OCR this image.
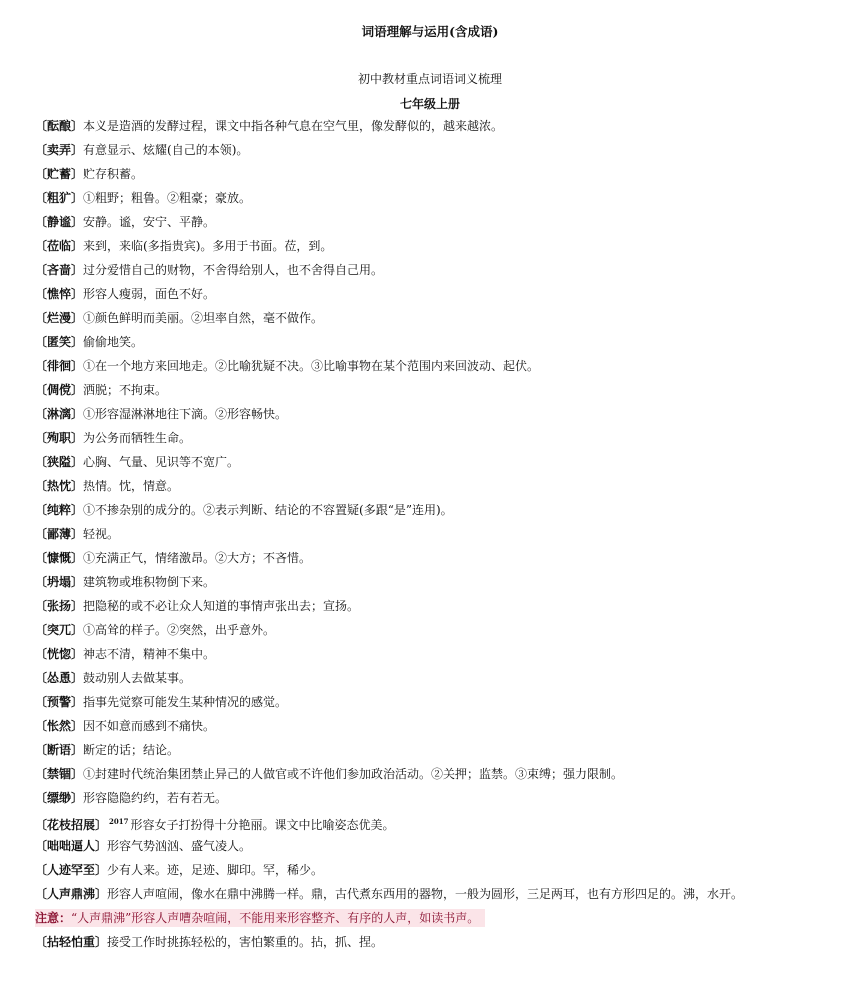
词语理解与运用(含成语)
初中教材重点词语词义梳理
七年级上册
〔酝酿〕本义是造酒的发酵过程，课文中指各种气息在空气里，像发酵似的，越来越浓。
〔卖弄〕有意显示、炫耀(自己的本领)。
〔贮蓄〕贮存积蓄。
〔粗犷〕①粗野；粗鲁。②粗豪；豪放。
〔静谧〕安静。谧，安宁、平静。
〔莅临〕来到，来临(多指贵宾)。多用于书面。莅，到。
〔吝啬〕过分爱惜自己的财物，不舍得给别人，也不舍得自己用。
〔憔悴〕形容人瘦弱，面色不好。
〔烂漫〕①颜色鲜明而美丽。②坦率自然，毫不做作。
〔匿笑〕偷偷地笑。
〔徘徊〕①在一个地方来回地走。②比喻犹疑不决。③比喻事物在某个范围内来回波动、起伏。
〔倜傥〕洒脱；不拘束。
〔淋漓〕①形容湿淋淋地往下滴。②形容畅快。
〔殉职〕为公务而牺牲生命。
〔狭隘〕心胸、气量、见识等不宽广。
〔热忱〕热情。忱，情意。
〔纯粹〕①不掺杂别的成分的。②表示判断、结论的不容置疑(多跟“是”连用)。
〔鄙薄〕轻视。
〔慷慨〕①充满正气，情绪激昂。②大方；不吝惜。
〔坍塌〕建筑物或堆积物倒下来。
〔张扬〕把隐秘的或不必让众人知道的事情声张出去；宣扬。
〔突兀〕①高耸的样子。②突然，出乎意外。
〔恍惚〕神志不清，精神不集中。
〔怂恿〕鼓动别人去做某事。
〔预警〕指事先觉察可能发生某种情况的感觉。
〔怅然〕因不如意而感到不痛快。
〔断语〕断定的话；结论。
〔禁锢〕①封建时代统治集团禁止异己的人做官或不许他们参加政治活动。②关押；监禁。③束缚；强力限制。
〔缥缈〕形容隐隐约约，若有若无。
〔花枝招展〕 $^{2017}$ 形容女子打扮得十分艳丽。课文中比喻姿态优美。
〔咄咄逼人〕形容气势汹汹、盛气凌人。
〔人迹罕至〕少有人来。迹，足迹、脚印。罕，稀少。
〔人声鼎沸〕形容人声喧闹，像水在鼎中沸腾一样。鼎，古代煮东西用的器物，一般为圆形，三足两耳，也有方形四足的。沸，水开。
注意：“人声鼎沸”形容人声嘈杂喧闹，不能用来形容整齐、有序的人声，如读书声。
〔拈轻怕重〕接受工作时挑拣轻松的，害怕繁重的。拈，抓、捏。
